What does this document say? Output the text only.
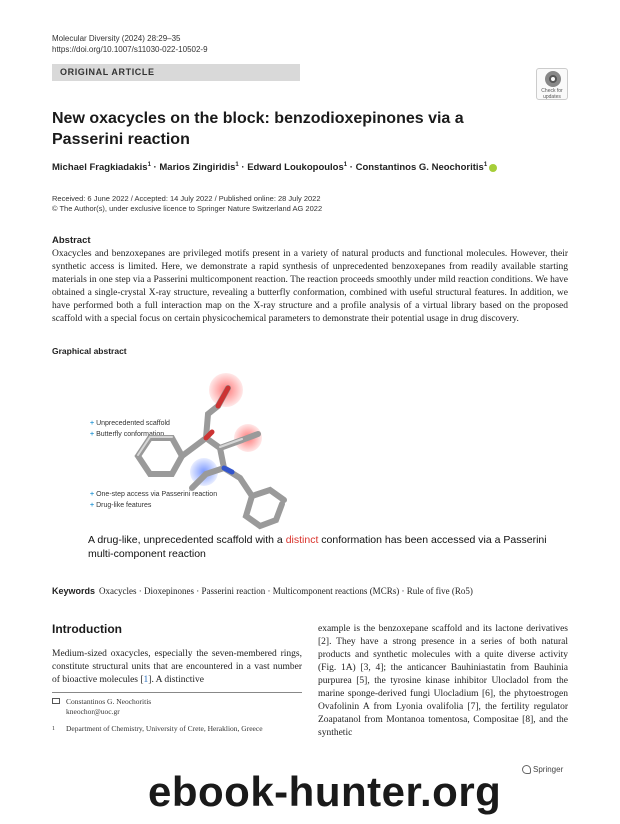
Molecular Diversity (2024) 28:29–35
https://doi.org/10.1007/s11030-022-10502-9
ORIGINAL ARTICLE
Check for
updates
New oxacycles on the block: benzodioxepinones via a Passerini reaction
Michael Fragkiadakis$^1$ · Marios Zingiridis$^1$ · Edward Loukopoulos$^1$ · Constantinos G. Neochoritis$^1$
Received: 6 June 2022 / Accepted: 14 July 2022 / Published online: 28 July 2022
© The Author(s), under exclusive licence to Springer Nature Switzerland AG 2022
Abstract
Oxacycles and benzoxepanes are privileged motifs present in a variety of natural products and functional molecules. However, their synthetic access is limited. Here, we demonstrate a rapid synthesis of unprecedented benzoxepanes from readily available starting materials in one step via a Passerini multicomponent reaction. The reaction proceeds smoothly under mild reaction conditions. We have obtained a single-crystal X-ray structure, revealing a butterfly conformation, combined with useful structural features. In addition, we have performed both a full interaction map on the X-ray structure and a profile analysis of a virtual library based on the proposed scaffold with a special focus on certain physicochemical parameters to demonstrate their potential usage in drug discovery.
Graphical abstract
+ Unprecedented scaffold
+ Butterfly conformation
+ One-step access via Passerini reaction
+ Drug-like features
A drug-like, unprecedented scaffold with a distinct conformation has been accessed via a Passerini multi-component reaction
Keywords Oxacycles · Dioxepinones · Passerini reaction · Multicomponent reactions (MCRs) · Rule of five (Ro5)
Introduction
Medium-sized oxacycles, especially the seven-membered rings, constitute structural units that are encountered in a vast number of bioactive molecules [1]. A distinctive
example is the benzoxepane scaffold and its lactone derivatives [2]. They have a strong presence in a series of both natural products and synthetic molecules with a quite diverse activity (Fig. 1A) [3, 4]; the anticancer Bauhiniastatin from Bauhinia purpurea [5], the tyrosine kinase inhibitor Ulocladol from the marine sponge-derived fungi Ulocladium [6], the phytoestrogen Ovafolinin A from Lyonia ovalifolia [7], the fertility regulator Zoapatanol from Montanoa tomentosa, Compositae [8], and the synthetic
Constantinos G. Neochoritis
kneochor@uoc.gr
1 Department of Chemistry, University of Crete, Heraklion, Greece
Springer
ebook-hunter.org
